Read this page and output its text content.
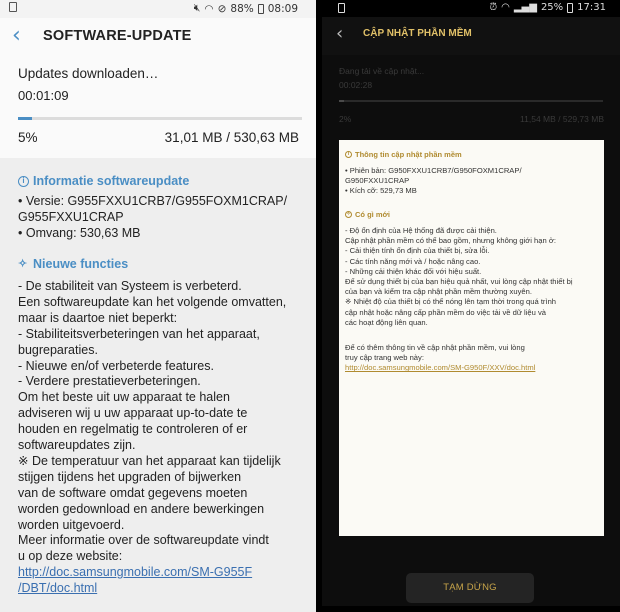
🔇︎ ◠ ⊘ 88% 08:09
‹ SOFTWARE-UPDATE
Updates downloaden…
00:01:09
5%	31,01 MB / 530,63 MB
i Informatie softwareupdate
• Versie: G955FXXU1CRB7/G955FOXM1CRAP/
G955FXXU1CRAP
• Omvang: 530,63 MB
✧ Nieuwe functies
- De stabiliteit van Systeem is verbeterd.
Een softwareupdate kan het volgende omvatten,
maar is daartoe niet beperkt:
- Stabiliteitsverbeteringen van het apparaat,
bugreparaties.
- Nieuwe en/of verbeterde features.
- Verdere prestatieverbeteringen.
Om het beste uit uw apparaat te halen
adviseren wij u uw apparaat up-to-date te
houden en regelmatig te controleren of er
softwareupdates zijn.
※ De temperatuur van het apparaat kan tijdelijk
stijgen tijdens het upgraden of bijwerken
van de software omdat gegevens moeten
worden gedownload en andere bewerkingen
worden uitgevoerd.
Meer informatie over de softwareupdate vindt
u op deze website:
http://doc.samsungmobile.com/SM-G955F
/DBT/doc.html
⏰︎ ◠ ▂▄▆ 25% 17:31
‹ CẬP NHẬT PHẦN MỀM
Đang tải về cập nhật...
00:02:28
2%	11,54 MB / 529,73 MB
i Thông tin cập nhật phần mềm
• Phiên bản: G950FXXU1CRB7/G950FOXM1CRAP/
G950FXXU1CRAP
• Kích cỡ: 529,73 MB
✧ Có gì mới
- Độ ổn định của Hệ thống đã được cải thiện.
Cập nhật phần mềm có thể bao gồm, nhưng không giới hạn ở:
- Cải thiện tính ổn định của thiết bị, sửa lỗi.
- Các tính năng mới và / hoặc nâng cao.
- Những cải thiện khác đối với hiệu suất.
Để sử dụng thiết bị của bạn hiệu quả nhất, vui lòng cập nhật thiết bị
của bạn và kiểm tra cập nhật phần mềm thường xuyên.
※ Nhiệt độ của thiết bị có thể nóng lên tạm thời trong quá trình
cập nhật hoặc nâng cấp phần mềm do việc tải về dữ liệu và
các hoạt động liên quan.
Để có thêm thông tin về cập nhật phần mềm, vui lòng
truy cập trang web này:
http://doc.samsungmobile.com/SM-G950F/XXV/doc.html
TẠM DỪNG
